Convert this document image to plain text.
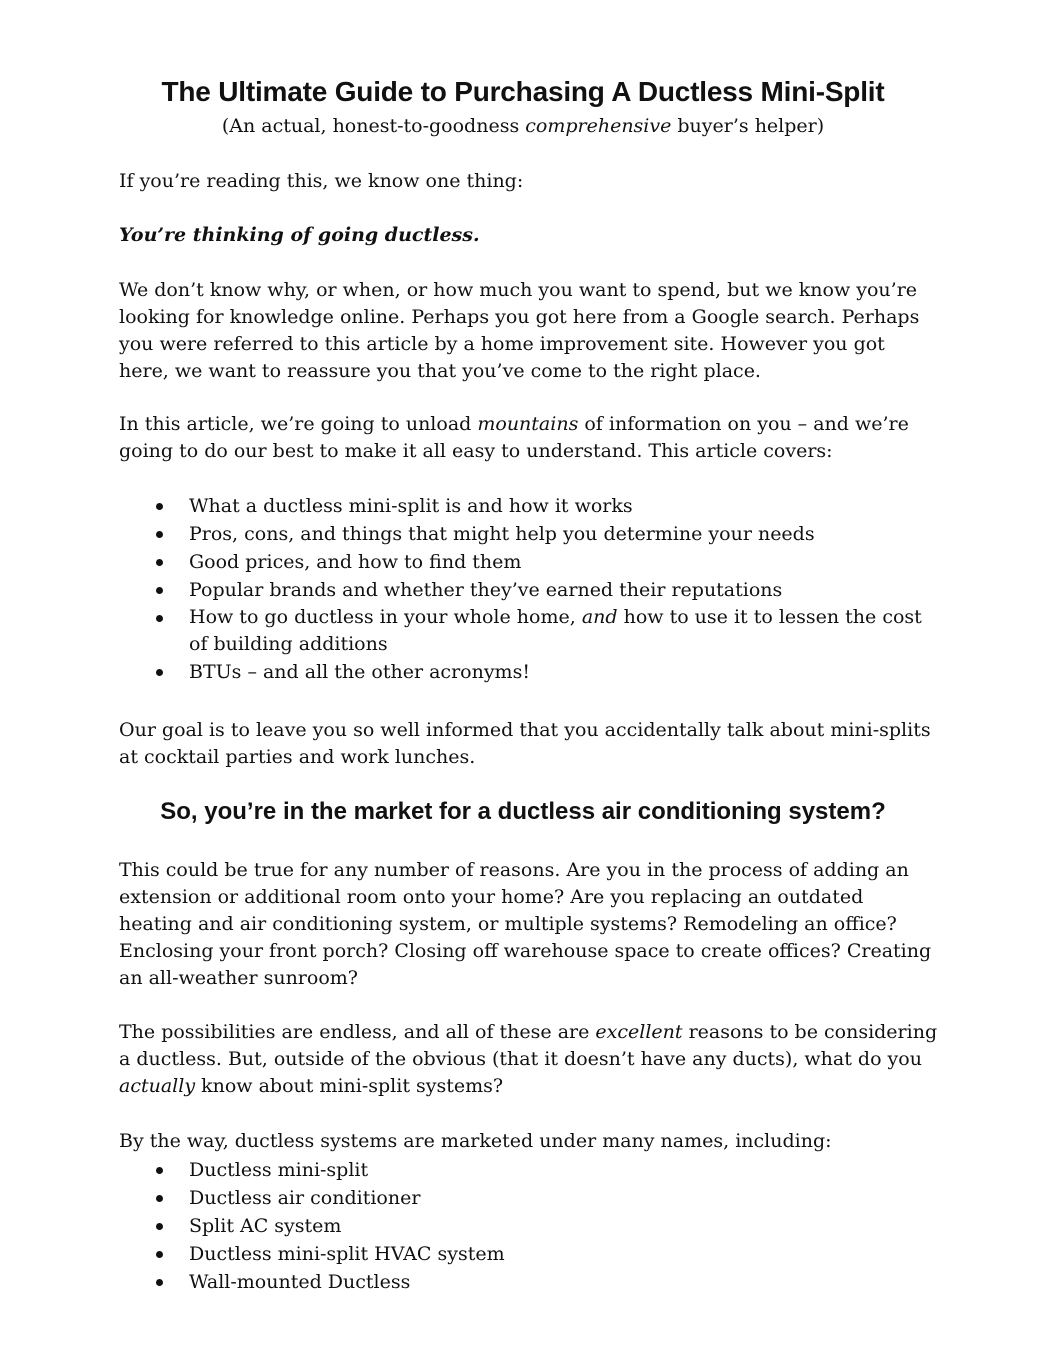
The Ultimate Guide to Purchasing A Ductless Mini-Split
(An actual, honest-to-goodness comprehensive buyer’s helper)
If you’re reading this, we know one thing:
You’re thinking of going ductless.
We don’t know why, or when, or how much you want to spend, but we know you’re
looking for knowledge online. Perhaps you got here from a Google search. Perhaps
you were referred to this article by a home improvement site. However you got
here, we want to reassure you that you’ve come to the right place.
In this article, we’re going to unload mountains of information on you – and we’re
going to do our best to make it all easy to understand. This article covers:
What a ductless mini-split is and how it works
Pros, cons, and things that might help you determine your needs
Good prices, and how to find them
Popular brands and whether they’ve earned their reputations
How to go ductless in your whole home, and how to use it to lessen the cost
of building additions
BTUs – and all the other acronyms!
Our goal is to leave you so well informed that you accidentally talk about mini-splits
at cocktail parties and work lunches.
So, you’re in the market for a ductless air conditioning system?
This could be true for any number of reasons. Are you in the process of adding an
extension or additional room onto your home? Are you replacing an outdated
heating and air conditioning system, or multiple systems? Remodeling an office?
Enclosing your front porch? Closing off warehouse space to create offices? Creating
an all-weather sunroom?
The possibilities are endless, and all of these are excellent reasons to be considering
a ductless. But, outside of the obvious (that it doesn’t have any ducts), what do you
actually know about mini-split systems?
By the way, ductless systems are marketed under many names, including:
Ductless mini-split
Ductless air conditioner
Split AC system
Ductless mini-split HVAC system
Wall-mounted Ductless
